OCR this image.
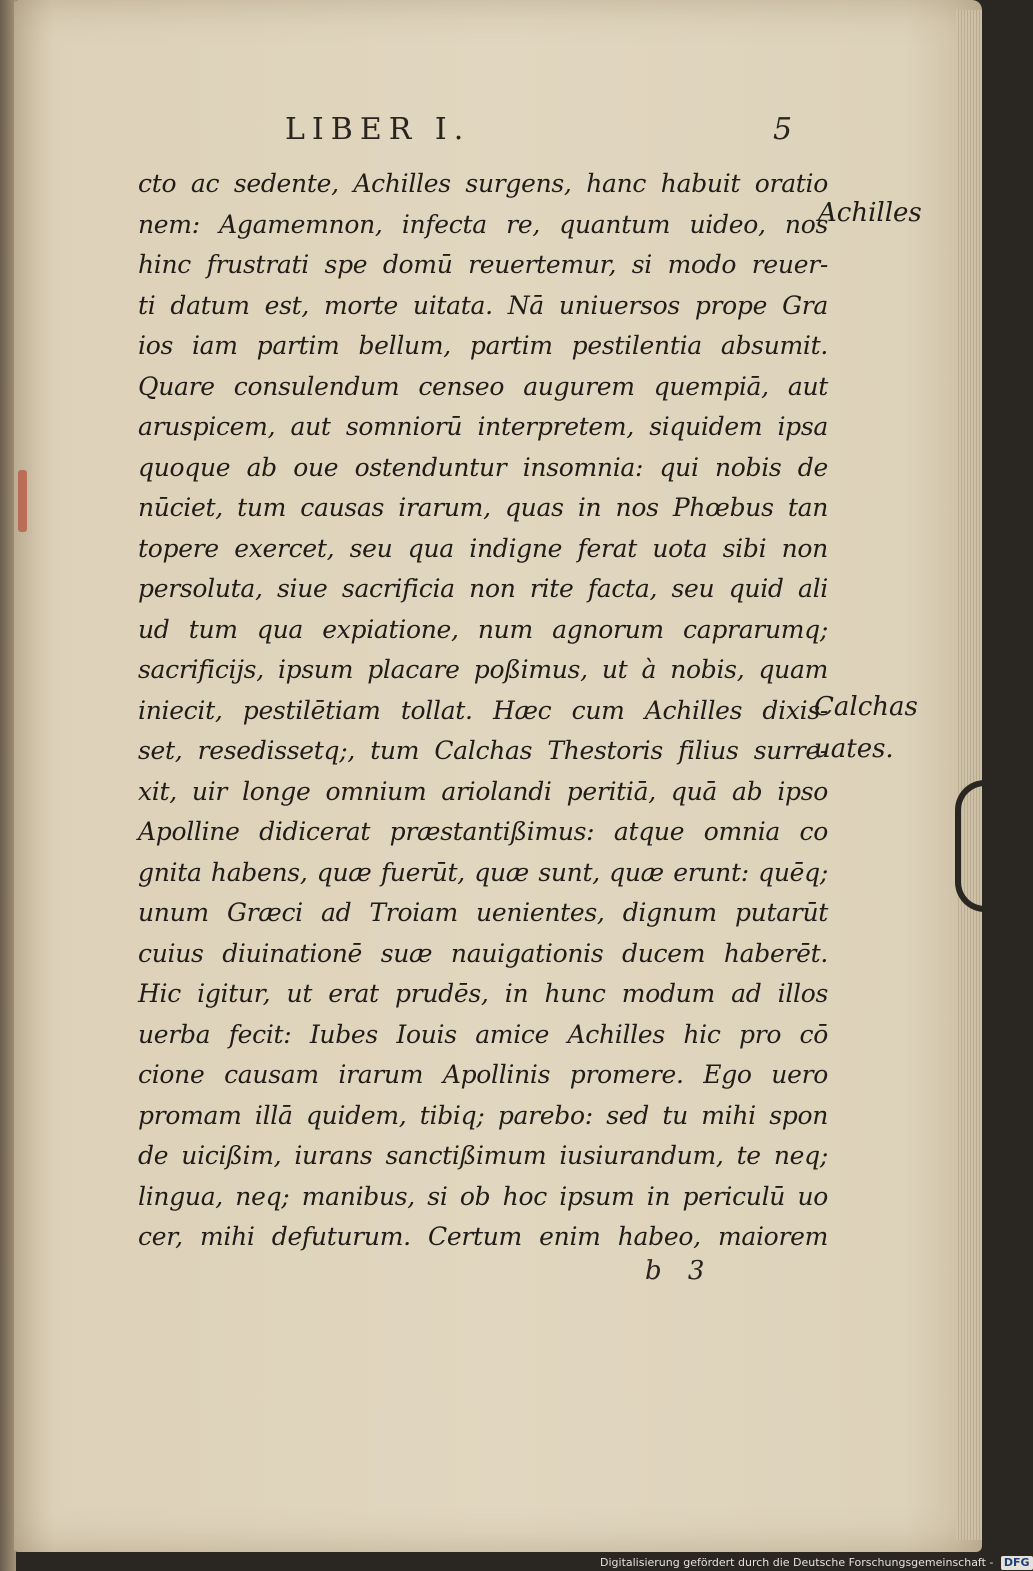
LIBER I.	5
cto ac sedente, Achilles surgens, hanc habuit oratio
nem: Agamemnon, infecta re, quantum uideo, nos
hinc frustrati spe domū reuertemur, si modo reuer-
ti datum est, morte uitata. Nā uniuersos prope Gra
ios iam partim bellum, partim pestilentia absumit.
Quare consulendum censeo augurem quempiā, aut
aruspicem, aut somniorū interpretem, siquidem ipsa
quoque ab oue ostenduntur insomnia: qui nobis de
nūciet, tum causas irarum, quas in nos Phœbus tan
topere exercet, seu qua indigne ferat uota sibi non
persoluta, siue sacrificia non rite facta, seu quid ali
ud tum qua expiatione, num agnorum caprarumq;
sacrificijs, ipsum placare poßimus, ut à nobis, quam
iniecit, pestilētiam tollat. Hæc cum Achilles dixis-
set, resedissetq;, tum Calchas Thestoris filius surre-
xit, uir longe omnium ariolandi peritiā, quā ab ipso
Apolline didicerat præstantißimus: atque omnia co
gnita habens, quæ fuerūt, quæ sunt, quæ erunt: quēq;
unum Græci ad Troiam uenientes, dignum putarūt
cuius diuinationē suæ nauigationis ducem haberēt.
Hic igitur, ut erat prudēs, in hunc modum ad illos
uerba fecit: Iubes Iouis amice Achilles hic pro cō
cione causam irarum Apollinis promere. Ego uero
promam illā quidem, tibiq; parebo: sed tu mihi spon
de uicißim, iurans sanctißimum iusiurandum, te neq;
lingua, neq; manibus, si ob hoc ipsum in periculū uo
cer, mihi defuturum. Certum enim habeo, maiorem
Achilles
Calchas
uates.
b 3
Digitalisierung gefördert durch die Deutsche Forschungsgemeinschaft - DFG
